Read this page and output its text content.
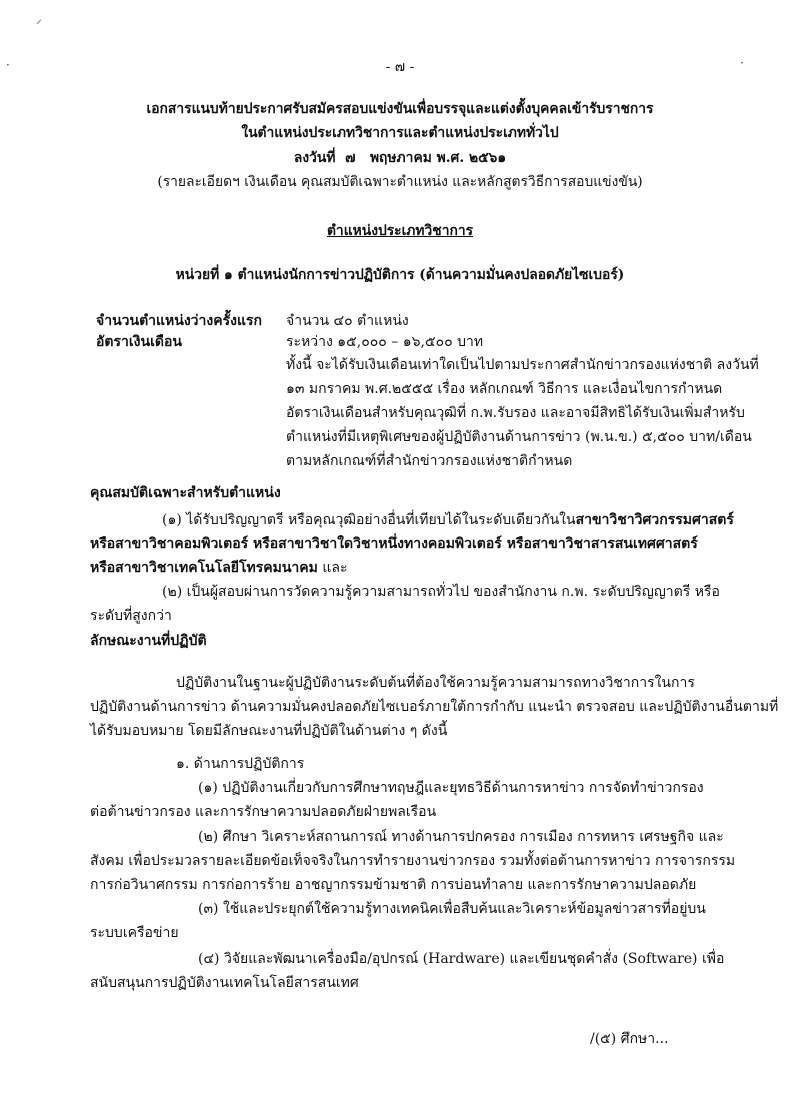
⸝
·	·
- ๗ -
เอกสารแนบท้ายประกาศรับสมัครสอบแข่งขันเพื่อบรรจุและแต่งตั้งบุคคลเข้ารับราชการ
ในตำแหน่งประเภทวิชาการและตำแหน่งประเภททั่วไป
ลงวันที่ ๗ พฤษภาคม พ.ศ. ๒๕๖๑
(รายละเอียดฯ เงินเดือน คุณสมบัติเฉพาะตำแหน่ง และหลักสูตรวิธีการสอบแข่งขัน)
ตำแหน่งประเภทวิชาการ
หน่วยที่ ๑ ตำแหน่งนักการข่าวปฏิบัติการ (ด้านความมั่นคงปลอดภัยไซเบอร์)
จำนวนตำแหน่งว่างครั้งแรก จำนวน ๔๐ ตำแหน่ง
อัตราเงินเดือน	ระหว่าง ๑๕,๐๐๐ – ๑๖,๕๐๐ บาท
ทั้งนี้ จะได้รับเงินเดือนเท่าใดเป็นไปตามประกาศสำนักข่าวกรองแห่งชาติ ลงวันที่
๑๓ มกราคม พ.ศ.๒๕๕๕ เรื่อง หลักเกณฑ์ วิธีการ และเงื่อนไขการกำหนด
อัตราเงินเดือนสำหรับคุณวุฒิที่ ก.พ.รับรอง และอาจมีสิทธิได้รับเงินเพิ่มสำหรับ
ตำแหน่งที่มีเหตุพิเศษของผู้ปฏิบัติงานด้านการข่าว (พ.น.ข.) ๕,๕๐๐ บาท/เดือน
ตามหลักเกณฑ์ที่สำนักข่าวกรองแห่งชาติกำหนด
คุณสมบัติเฉพาะสำหรับตำแหน่ง
(๑) ได้รับปริญญาตรี หรือคุณวุฒิอย่างอื่นที่เทียบได้ในระดับเดียวกันในสาขาวิชาวิศวกรรมศาสตร์
หรือสาขาวิชาคอมพิวเตอร์ หรือสาขาวิชาใดวิชาหนึ่งทางคอมพิวเตอร์ หรือสาขาวิชาสารสนเทศศาสตร์
หรือสาขาวิชาเทคโนโลยีโทรคมนาคม และ
(๒) เป็นผู้สอบผ่านการวัดความรู้ความสามารถทั่วไป ของสำนักงาน ก.พ. ระดับปริญญาตรี หรือ
ระดับที่สูงกว่า
ลักษณะงานที่ปฏิบัติ
ปฏิบัติงานในฐานะผู้ปฏิบัติงานระดับต้นที่ต้องใช้ความรู้ความสามารถทางวิชาการในการ
ปฏิบัติงานด้านการข่าว ด้านความมั่นคงปลอดภัยไซเบอร์ภายใต้การกำกับ แนะนำ ตรวจสอบ และปฏิบัติงานอื่นตามที่
ได้รับมอบหมาย โดยมีลักษณะงานที่ปฏิบัติในด้านต่าง ๆ ดังนี้
๑. ด้านการปฏิบัติการ
(๑) ปฏิบัติงานเกี่ยวกับการศึกษาทฤษฎีและยุทธวิธีด้านการหาข่าว การจัดทำข่าวกรอง
ต่อต้านข่าวกรอง และการรักษาความปลอดภัยฝ่ายพลเรือน
(๒) ศึกษา วิเคราะห์สถานการณ์ ทางด้านการปกครอง การเมือง การทหาร เศรษฐกิจ และ
สังคม เพื่อประมวลรายละเอียดข้อเท็จจริงในการทำรายงานข่าวกรอง รวมทั้งต่อต้านการหาข่าว การจารกรรม
การก่อวินาศกรรม การก่อการร้าย อาชญากรรมข้ามชาติ การบ่อนทำลาย และการรักษาความปลอดภัย
(๓) ใช้และประยุกต์ใช้ความรู้ทางเทคนิคเพื่อสืบค้นและวิเคราะห์ข้อมูลข่าวสารที่อยู่บน
ระบบเครือข่าย
(๔) วิจัยและพัฒนาเครื่องมือ/อุปกรณ์ (Hardware) และเขียนชุดคำสั่ง (Software) เพื่อ
สนับสนุนการปฏิบัติงานเทคโนโลยีสารสนเทศ
/(๕) ศึกษา...
